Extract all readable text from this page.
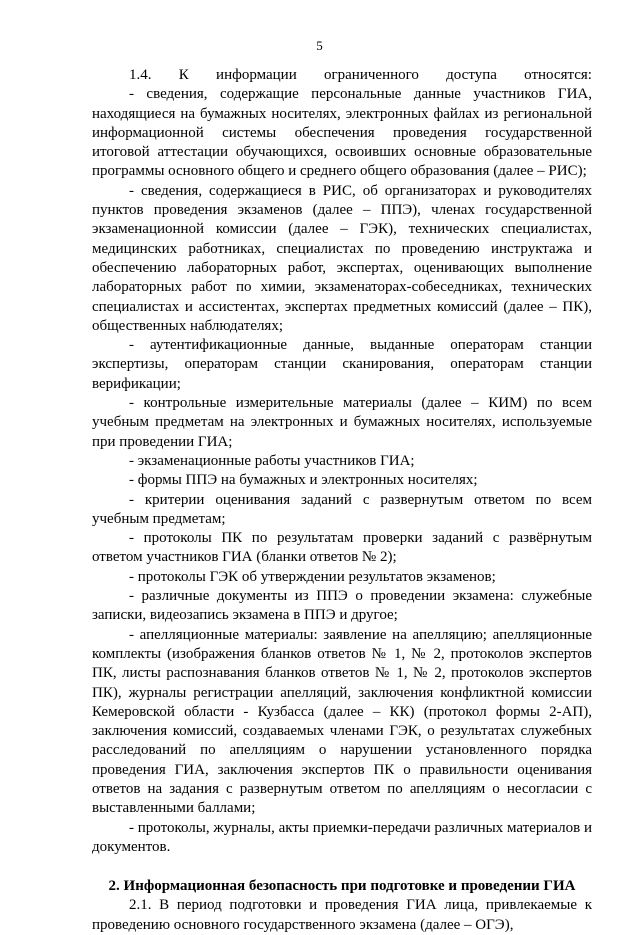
5

1.4. К информации ограниченного доступа относятся:

- сведения, содержащие персональные данные участников ГИА, находящиеся на бумажных носителях, электронных файлах из региональной информационной системы обеспечения проведения государственной итоговой аттестации обучающихся, освоивших основные образовательные программы основного общего и среднего общего образования (далее – РИС);

- сведения, содержащиеся в РИС, об организаторах и руководителях пунктов проведения экзаменов (далее – ППЭ), членах государственной экзаменационной комиссии (далее – ГЭК), технических специалистах, медицинских работниках, специалистах по проведению инструктажа и обеспечению лабораторных работ, экспертах, оценивающих выполнение лабораторных работ по химии, экзаменаторах-собеседниках, технических специалистах и ассистентах, экспертах предметных комиссий (далее – ПК), общественных наблюдателях;

- аутентификационные данные, выданные операторам станции экспертизы, операторам станции сканирования, операторам станции верификации;

- контрольные измерительные материалы (далее – КИМ) по всем учебным предметам на электронных и бумажных носителях, используемые при проведении ГИА;

- экзаменационные работы участников ГИА;

- формы ППЭ на бумажных и электронных носителях;

- критерии оценивания заданий с развернутым ответом по всем учебным предметам;

- протоколы ПК по результатам проверки заданий с развёрнутым ответом участников ГИА (бланки ответов № 2);

- протоколы ГЭК об утверждении результатов экзаменов;

- различные документы из ППЭ о проведении экзамена: служебные записки, видеозапись экзамена в ППЭ и другое;

- апелляционные материалы: заявление на апелляцию; апелляционные комплекты (изображения бланков ответов № 1, № 2, протоколов экспертов ПК, листы распознавания бланков ответов № 1, № 2, протоколов экспертов ПК), журналы регистрации апелляций, заключения конфликтной комиссии Кемеровской области - Кузбасса (далее – КК) (протокол формы 2-АП), заключения комиссий, создаваемых членами ГЭК, о результатах служебных расследований по апелляциям о нарушении установленного порядка проведения ГИА, заключения экспертов ПК о правильности оценивания ответов на задания с развернутым ответом по апелляциям о несогласии с выставленными баллами;

- протоколы, журналы, акты приемки-передачи различных материалов и документов.

2. Информационная безопасность при подготовке и проведении ГИА

2.1. В период подготовки и проведения ГИА лица, привлекаемые к проведению основного государственного экзамена (далее – ОГЭ),
